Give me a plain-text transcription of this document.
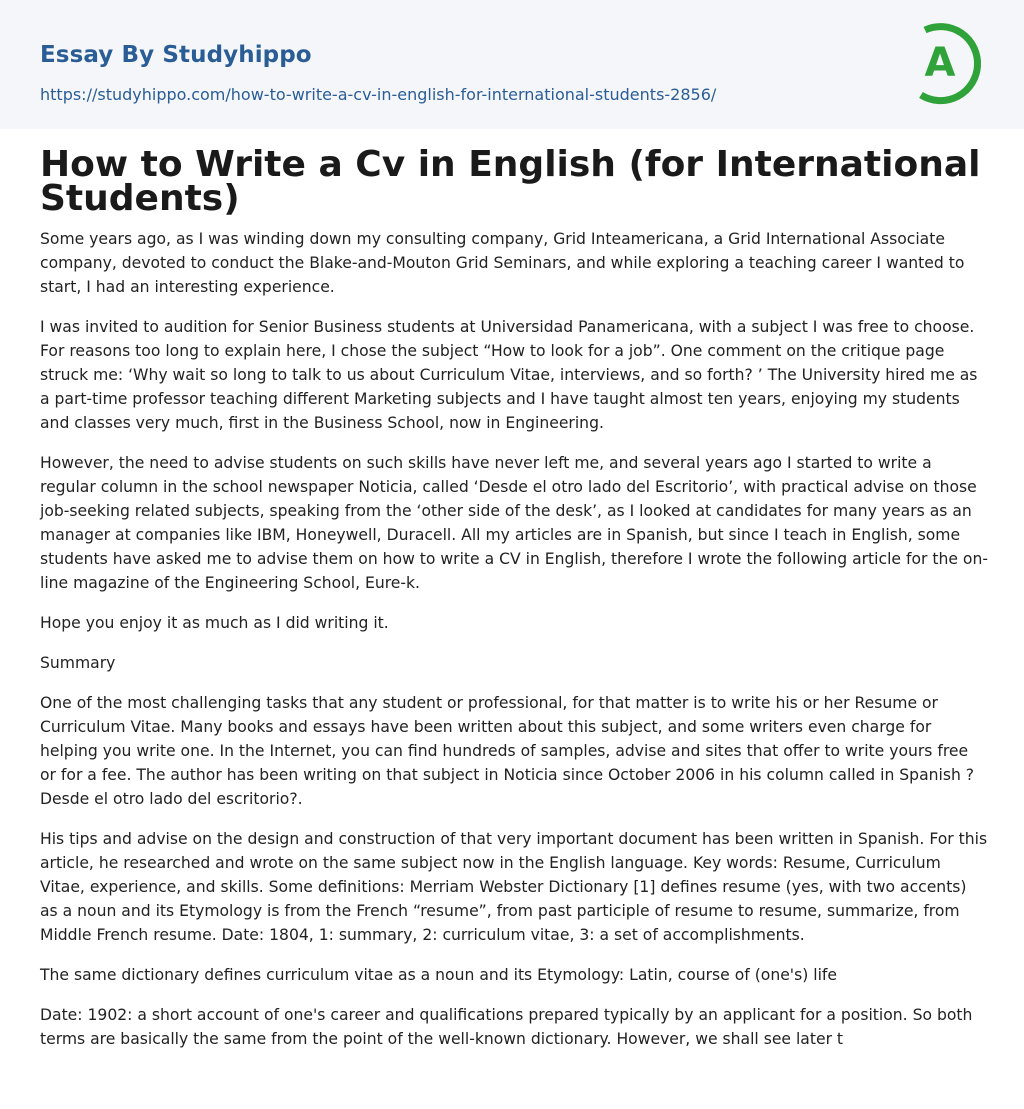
Essay By Studyhippo
https://studyhippo.com/how-to-write-a-cv-in-english-for-international-students-2856/
A
How to Write a Cv in English (for International Students)

Some years ago, as I was winding down my consulting company, Grid Inteamericana, a Grid International Associate company, devoted to conduct the Blake-and-Mouton Grid Seminars, and while exploring a teaching career I wanted to start, I had an interesting experience.

I was invited to audition for Senior Business students at Universidad Panamericana, with a subject I was free to choose. For reasons too long to explain here, I chose the subject “How to look for a job”. One comment on the critique page struck me: ‘Why wait so long to talk to us about Curriculum Vitae, interviews, and so forth? ’ The University hired me as a part-time professor teaching different Marketing subjects and I have taught almost ten years, enjoying my students and classes very much, first in the Business School, now in Engineering.

However, the need to advise students on such skills have never left me, and several years ago I started to write a regular column in the school newspaper Noticia, called ‘Desde el otro lado del Escritorio’, with practical advise on those job-seeking related subjects, speaking from the ‘other side of the desk’, as I looked at candidates for many years as an manager at companies like IBM, Honeywell, Duracell. All my articles are in Spanish, but since I teach in English, some students have asked me to advise them on how to write a CV in English, therefore I wrote the following article for the on-line magazine of the Engineering School, Eure-k.

Hope you enjoy it as much as I did writing it.

Summary

One of the most challenging tasks that any student or professional, for that matter is to write his or her Resume or Curriculum Vitae. Many books and essays have been written about this subject, and some writers even charge for helping you write one. In the Internet, you can find hundreds of samples, advise and sites that offer to write yours free or for a fee. The author has been writing on that subject in Noticia since October 2006 in his column called in Spanish ? Desde el otro lado del escritorio?.

His tips and advise on the design and construction of that very important document has been written in Spanish. For this article, he researched and wrote on the same subject now in the English language. Key words: Resume, Curriculum Vitae, experience, and skills. Some definitions: Merriam Webster Dictionary [1] defines resume (yes, with two accents) as a noun and its Etymology is from the French “resume”, from past participle of resume to resume, summarize, from Middle French resume. Date: 1804, 1: summary, 2: curriculum vitae, 3: a set of accomplishments.

The same dictionary defines curriculum vitae as a noun and its Etymology: Latin, course of (one's) life

Date: 1902: a short account of one's career and qualifications prepared typically by an applicant for a position. So both terms are basically the same from the point of the well-known dictionary. However, we shall see later t
